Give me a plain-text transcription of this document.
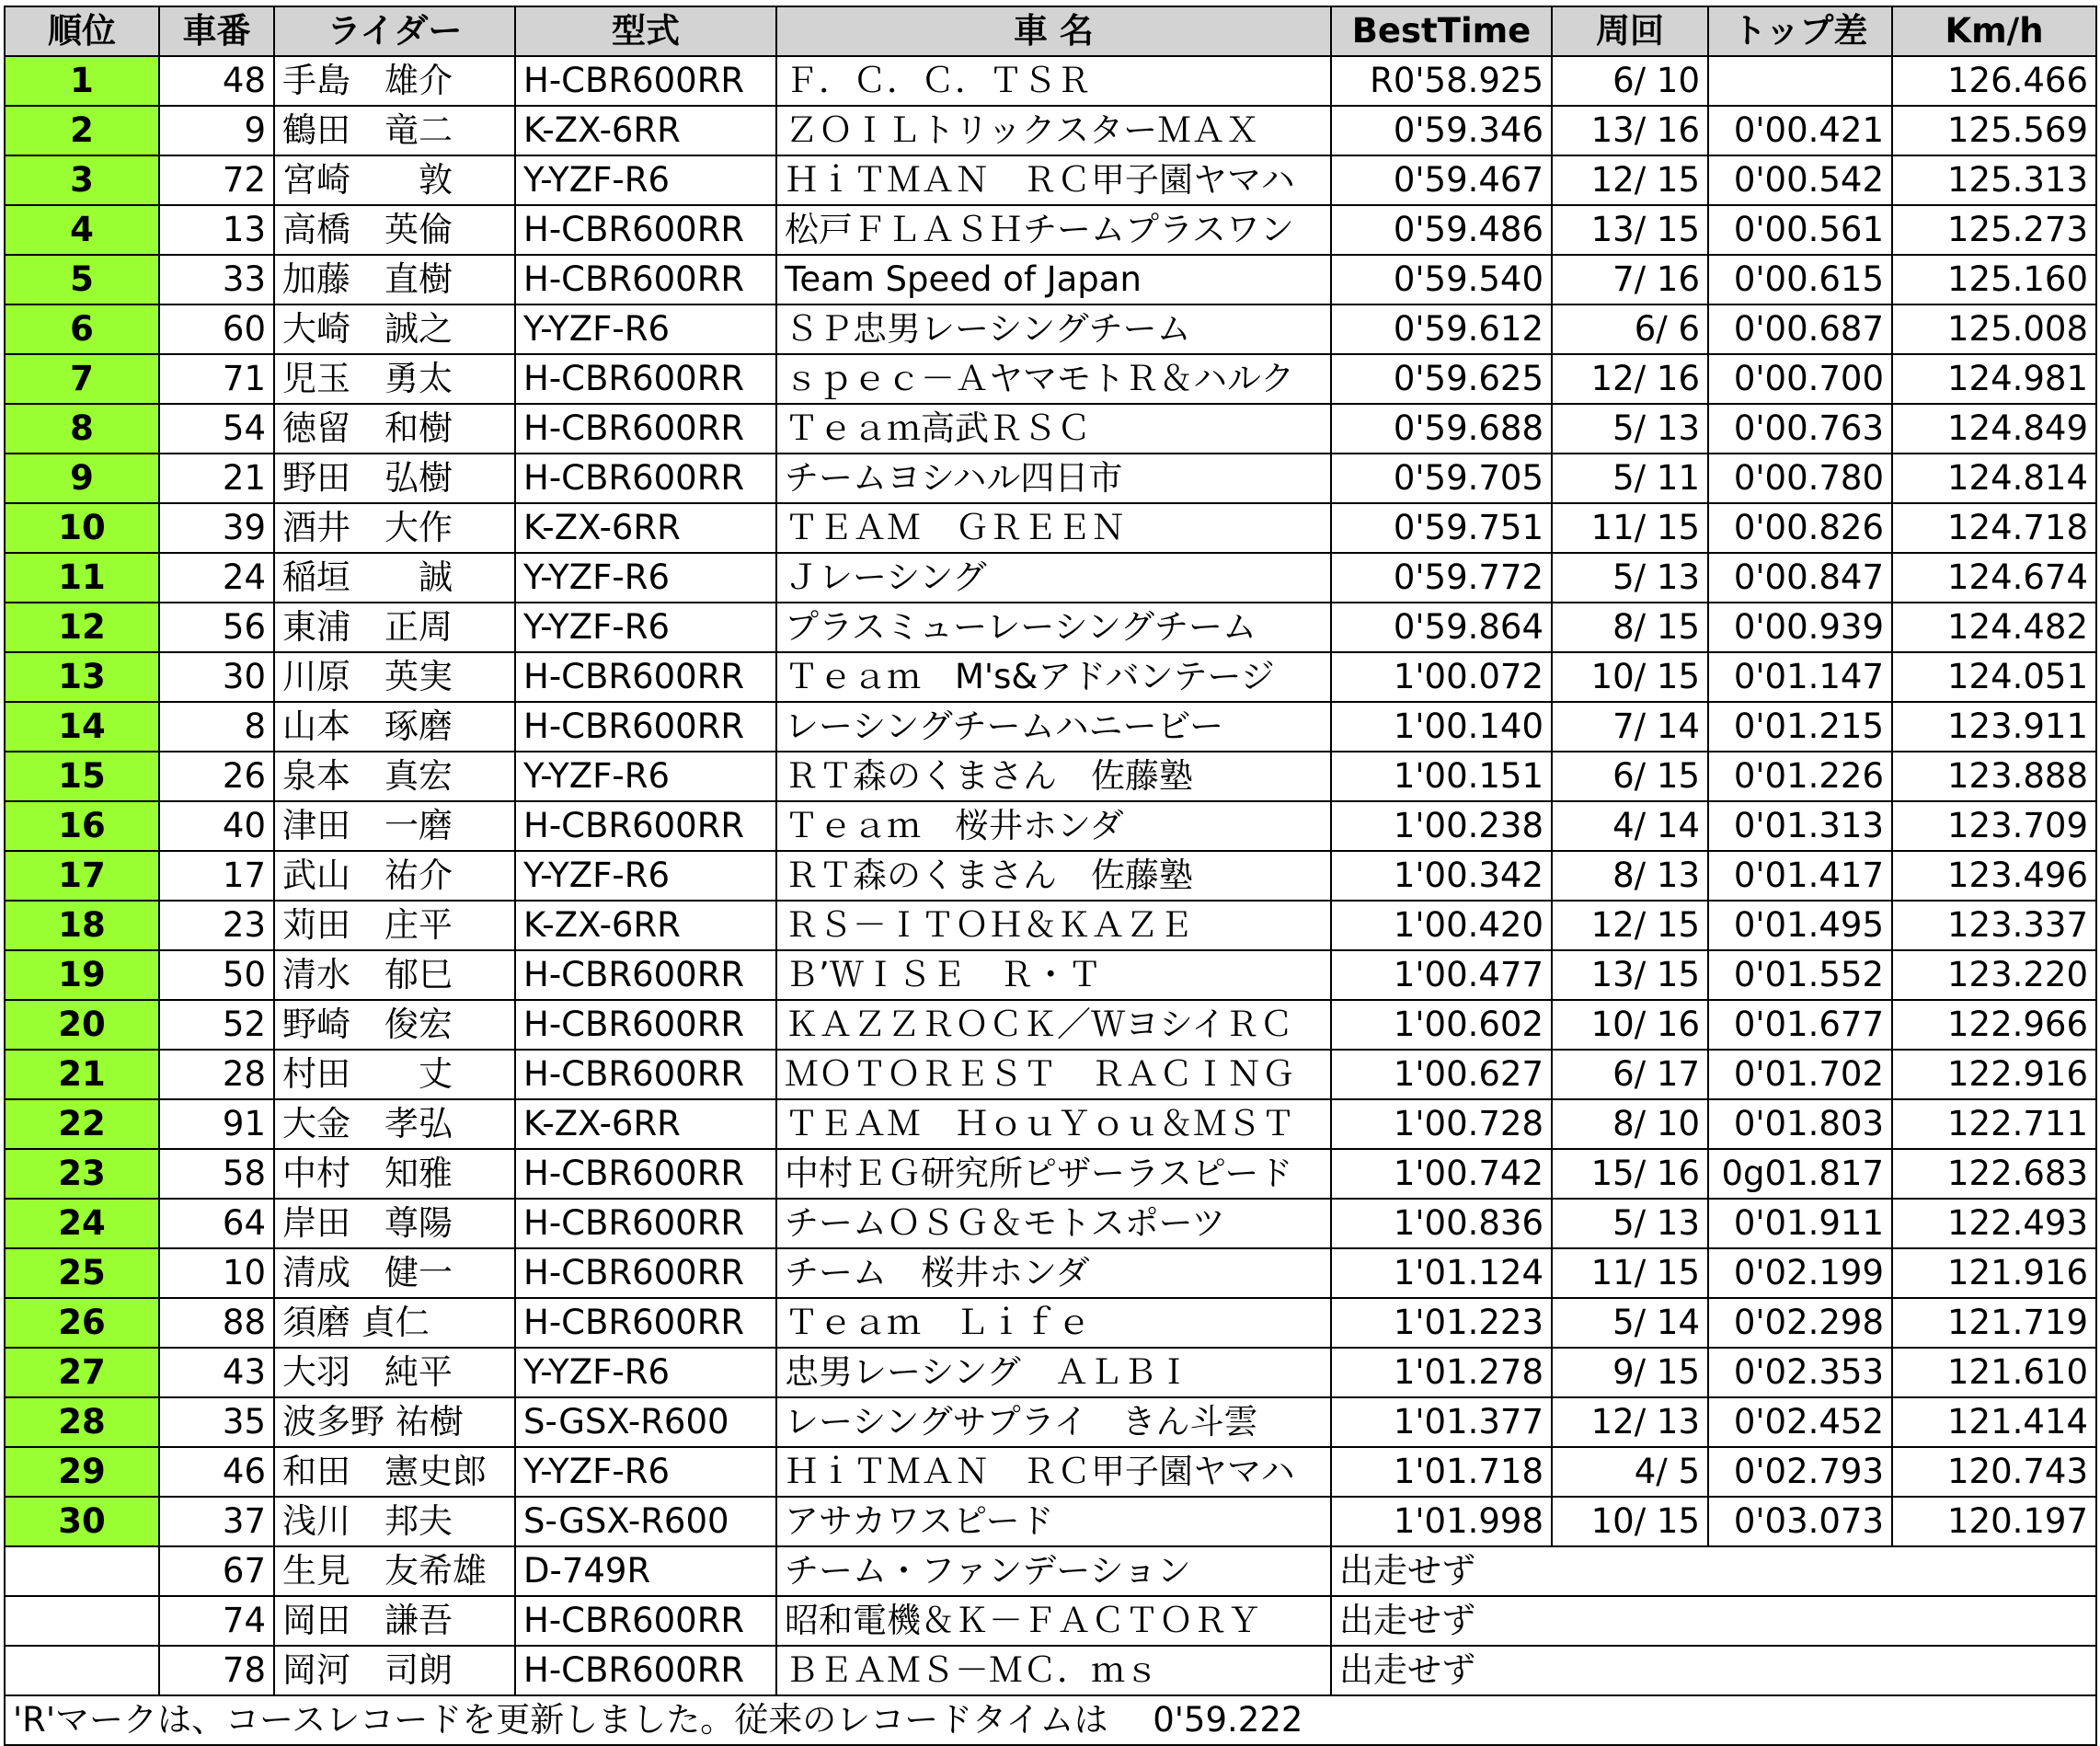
順位	車番	ライダー	型式	車 名	BestTime	周回	トップ差	Km/h
1	48	手島　雄介	H-CBR600RR	Ｆ．Ｃ．Ｃ．ＴＳＲ	R0'58.925	6/ 10		126.466
2	9	鶴田　竜二	K-ZX-6RR	ＺＯＩＬトリックスターＭＡＸ	0'59.346	13/ 16	0'00.421	125.569
3	72	宮崎　　敦	Y-YZF-R6	ＨｉＴＭＡＮ　ＲＣ甲子園ヤマハ	0'59.467	12/ 15	0'00.542	125.313
4	13	高橋　英倫	H-CBR600RR	松戸ＦＬＡＳＨチームプラスワン	0'59.486	13/ 15	0'00.561	125.273
5	33	加藤　直樹	H-CBR600RR	Team Speed of Japan	0'59.540	7/ 16	0'00.615	125.160
6	60	大崎　誠之	Y-YZF-R6	ＳＰ忠男レーシングチーム	0'59.612	6/ 6	0'00.687	125.008
7	71	児玉　勇太	H-CBR600RR	ｓｐｅｃ－ＡヤマモトＲ＆ハルク	0'59.625	12/ 16	0'00.700	124.981
8	54	徳留　和樹	H-CBR600RR	Ｔｅａｍ高武ＲＳＣ	0'59.688	5/ 13	0'00.763	124.849
9	21	野田　弘樹	H-CBR600RR	チームヨシハル四日市	0'59.705	5/ 11	0'00.780	124.814
10	39	酒井　大作	K-ZX-6RR	ＴＥＡＭ　ＧＲＥＥＮ	0'59.751	11/ 15	0'00.826	124.718
11	24	稲垣　　誠	Y-YZF-R6	Ｊレーシング	0'59.772	5/ 13	0'00.847	124.674
12	56	東浦　正周	Y-YZF-R6	プラスミューレーシングチーム	0'59.864	8/ 15	0'00.939	124.482
13	30	川原　英実	H-CBR600RR	Ｔｅａｍ　M's&アドバンテージ	1'00.072	10/ 15	0'01.147	124.051
14	8	山本　琢磨	H-CBR600RR	レーシングチームハニービー	1'00.140	7/ 14	0'01.215	123.911
15	26	泉本　真宏	Y-YZF-R6	ＲＴ森のくまさん　佐藤塾	1'00.151	6/ 15	0'01.226	123.888
16	40	津田　一磨	H-CBR600RR	Ｔｅａｍ　桜井ホンダ	1'00.238	4/ 14	0'01.313	123.709
17	17	武山　祐介	Y-YZF-R6	ＲＴ森のくまさん　佐藤塾	1'00.342	8/ 13	0'01.417	123.496
18	23	苅田　庄平	K-ZX-6RR	ＲＳ－ＩＴＯＨ＆ＫＡＺＥ	1'00.420	12/ 15	0'01.495	123.337
19	50	清水　郁巳	H-CBR600RR	Ｂ’ＷＩＳＥ　Ｒ・Ｔ	1'00.477	13/ 15	0'01.552	123.220
20	52	野崎　俊宏	H-CBR600RR	ＫＡＺＺＲＯＣＫ／ＷヨシイＲＣ	1'00.602	10/ 16	0'01.677	122.966
21	28	村田　　丈	H-CBR600RR	ＭＯＴＯＲＥＳＴ　ＲＡＣＩＮＧ	1'00.627	6/ 17	0'01.702	122.916
22	91	大金　孝弘	K-ZX-6RR	ＴＥＡＭ　ＨｏｕＹｏｕ＆ＭＳＴ	1'00.728	8/ 10	0'01.803	122.711
23	58	中村　知雅	H-CBR600RR	中村ＥＧ研究所ピザーラスピード	1'00.742	15/ 16	0g01.817	122.683
24	64	岸田　尊陽	H-CBR600RR	チームＯＳＧ＆モトスポーツ	1'00.836	5/ 13	0'01.911	122.493
25	10	清成　健一	H-CBR600RR	チーム　桜井ホンダ	1'01.124	11/ 15	0'02.199	121.916
26	88	須磨 貞仁	H-CBR600RR	Ｔｅａｍ　Ｌｉｆｅ	1'01.223	5/ 14	0'02.298	121.719
27	43	大羽　純平	Y-YZF-R6	忠男レーシング　ＡＬＢＩ	1'01.278	9/ 15	0'02.353	121.610
28	35	波多野 祐樹	S-GSX-R600	レーシングサプライ　きん斗雲	1'01.377	12/ 13	0'02.452	121.414
29	46	和田　憲史郎	Y-YZF-R6	ＨｉＴＭＡＮ　ＲＣ甲子園ヤマハ	1'01.718	4/ 5	0'02.793	120.743
30	37	浅川　邦夫	S-GSX-R600	アサカワスピード	1'01.998	10/ 15	0'03.073	120.197
	67	生見　友希雄	D-749R	チーム・ファンデーション	出走せず			
	74	岡田　謙吾	H-CBR600RR	昭和電機＆Ｋ－ＦＡＣＴＯＲＹ	出走せず			
	78	岡河　司朗	H-CBR600RR	ＢＥＡＭＳ－ＭＣ．ｍｓ	出走せず			
'R'マークは、コースレコードを更新しました。従来のレコードタイムは　 0'59.222								
